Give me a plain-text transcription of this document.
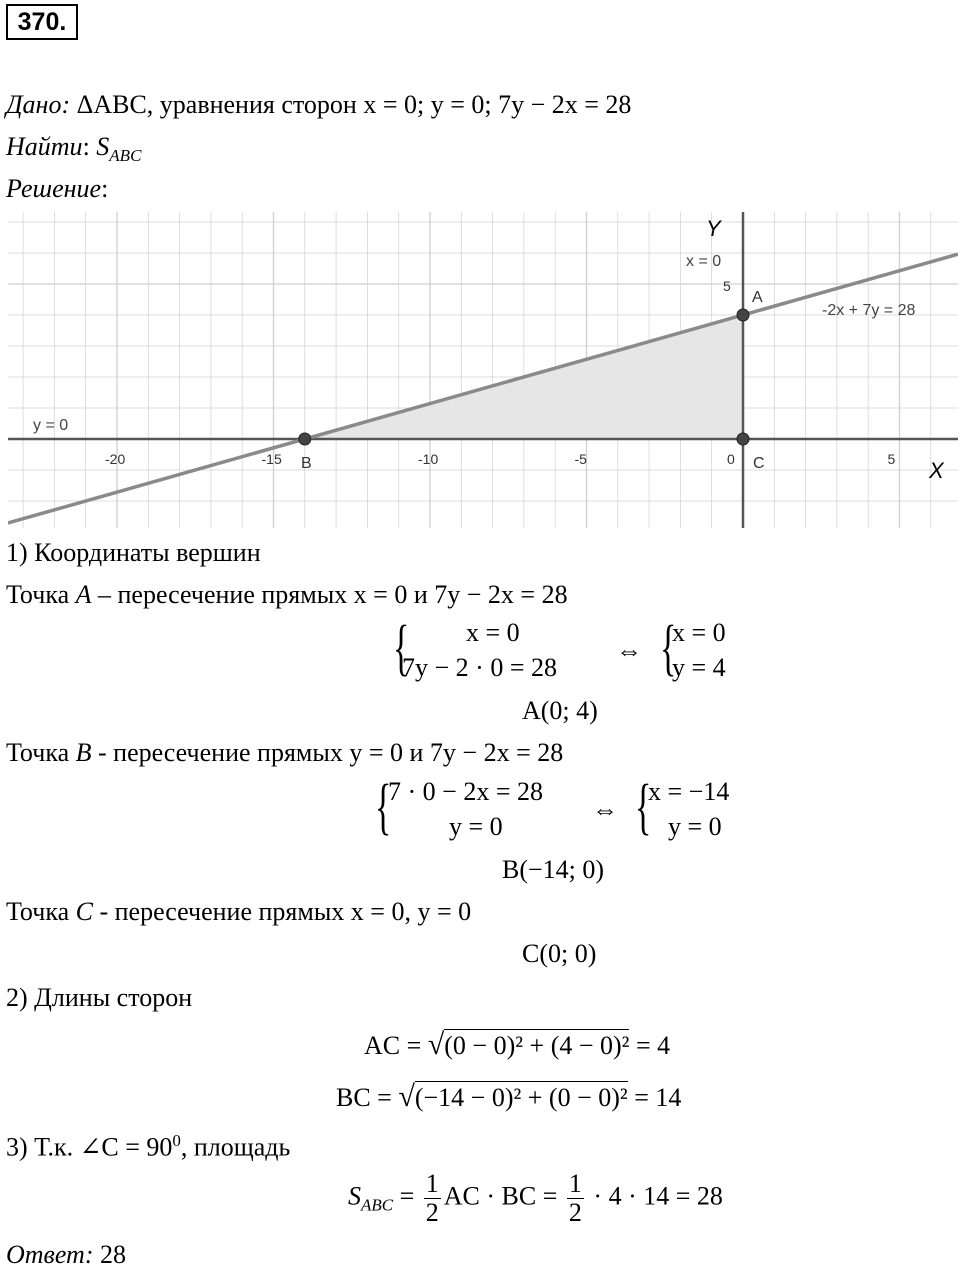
370.
Дано: ΔABC, уравнения сторон x = 0; y = 0; 7y − 2x = 28
Найти: $S_{ABC}$
Решение:
-20	-15	-10	-5	0	5 X
Y
5
y = 0
x = 0
-2x + 7y = 28
A
B	C
1) Координаты вершин
Точка A – пересечение прямых x = 0 и 7y − 2x = 28
{ x = 0
7y − 2 · 0 = 28
⇔ {
x = 0
y = 4
A(0; 4)
Точка B - пересечение прямых y = 0 и 7y − 2x = 28
{
7 · 0 − 2x = 28
y = 0
⇔ {
x = −14
y = 0
B(−14; 0)
Точка C - пересечение прямых x = 0, y = 0
C(0; 0)
2) Длины сторон
AC = √(0 − 0)² + (4 − 0)² = 4
BC = √(−14 − 0)² + (0 − 0)² = 14
3) Т.к. ∠C = $90^0$, площадь
$S_{ABC} = \frac{1}{2}$ AC · BC = $\frac{1}{2} \cdot 4 \cdot 14 = 28$
Ответ: 28
